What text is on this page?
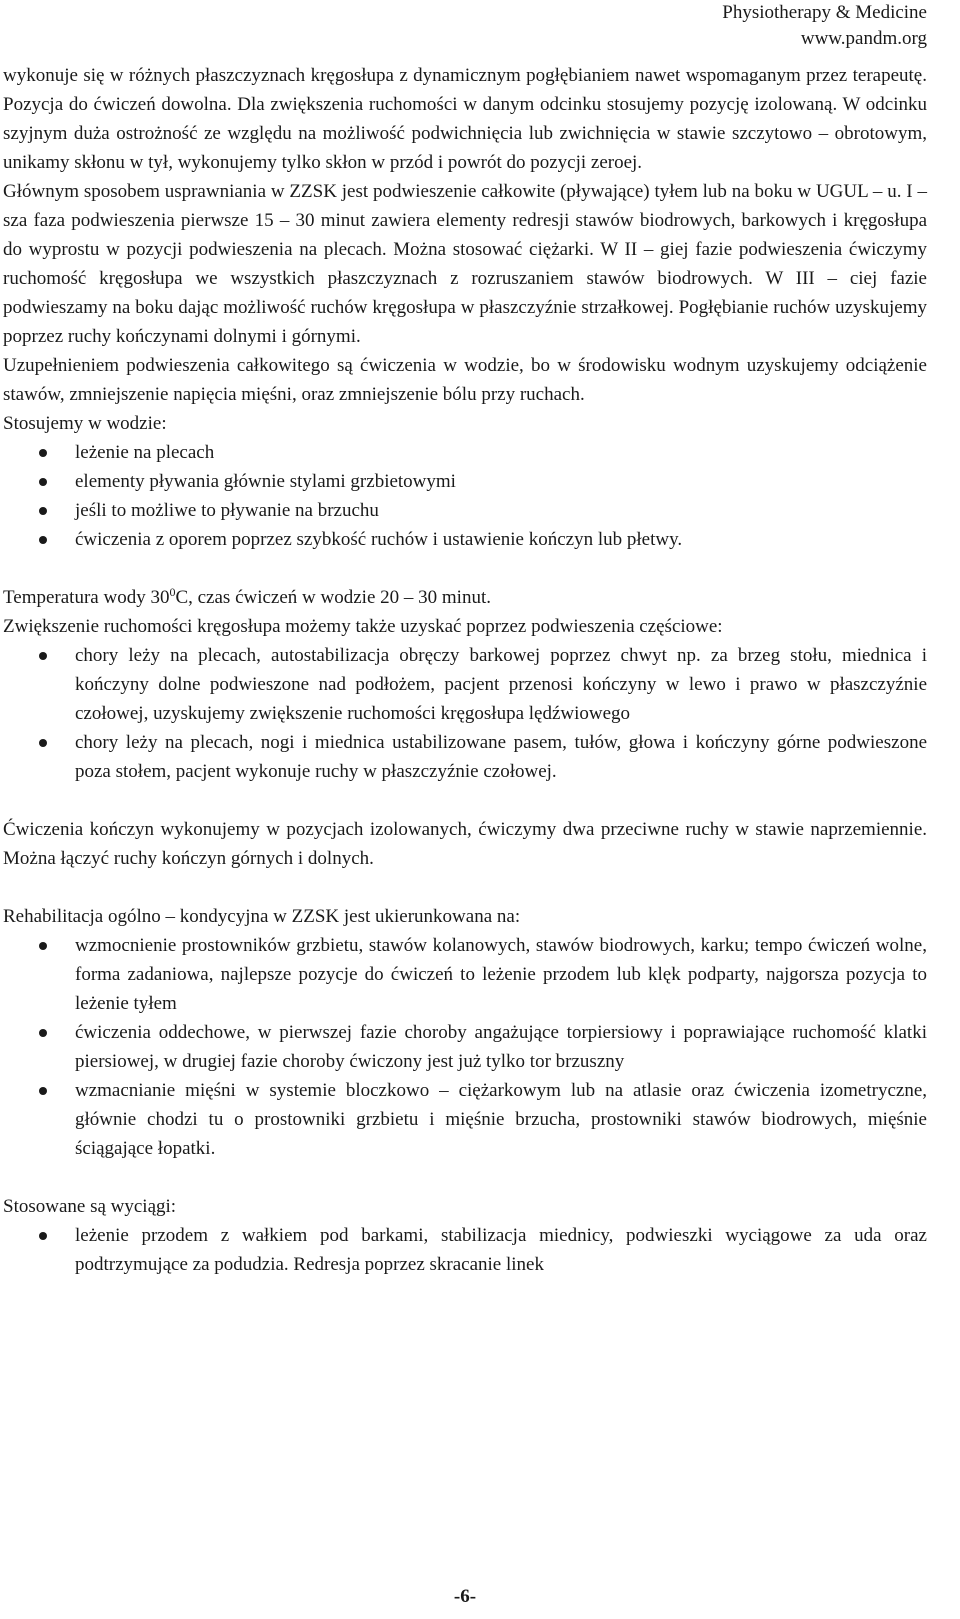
Physiotherapy & Medicine
www.pandm.org

wykonuje się w różnych płaszczyznach kręgosłupa z dynamicznym pogłębianiem nawet wspomaganym przez terapeutę. Pozycja do ćwiczeń dowolna. Dla zwiększenia ruchomości w danym odcinku stosujemy pozycję izolowaną. W odcinku szyjnym duża ostrożność ze względu na możliwość podwichnięcia lub zwichnięcia w stawie szczytowo – obrotowym, unikamy skłonu w tył, wykonujemy tylko skłon w przód i powrót do pozycji zeroej.

Głównym sposobem usprawniania w ZZSK jest podwieszenie całkowite (pływające) tyłem lub na boku w UGUL – u. I – sza faza podwieszenia pierwsze 15 – 30 minut zawiera elementy redresji stawów biodrowych, barkowych i kręgosłupa do wyprostu w pozycji podwieszenia na plecach. Można stosować ciężarki. W II – giej fazie podwieszenia ćwiczymy ruchomość kręgosłupa we wszystkich płaszczyznach z rozruszaniem stawów biodrowych. W III – ciej fazie podwieszamy na boku dając możliwość ruchów kręgosłupa w płaszczyźnie strzałkowej. Pogłębianie ruchów uzyskujemy poprzez ruchy kończynami dolnymi i górnymi.

Uzupełnieniem podwieszenia całkowitego są ćwiczenia w wodzie, bo w środowisku wodnym uzyskujemy odciążenie stawów, zmniejszenie napięcia mięśni, oraz zmniejszenie bólu przy ruchach.

Stosujemy w wodzie:

leżenie na plecach
elementy pływania głównie stylami grzbietowymi
jeśli to możliwe to pływanie na brzuchu
ćwiczenia z oporem poprzez szybkość ruchów i ustawienie kończyn lub płetwy.

Temperatura wody $30^0C$, czas ćwiczeń w wodzie 20 – 30 minut.

Zwiększenie ruchomości kręgosłupa możemy także uzyskać poprzez podwieszenia częściowe:

chory leży na plecach, autostabilizacja obręczy barkowej poprzez chwyt np. za brzeg stołu, miednica i kończyny dolne podwieszone nad podłożem, pacjent przenosi kończyny w lewo i prawo w płaszczyźnie czołowej, uzyskujemy zwiększenie ruchomości kręgosłupa lędźwiowego
chory leży na plecach, nogi i miednica ustabilizowane pasem, tułów, głowa i kończyny górne podwieszone poza stołem, pacjent wykonuje ruchy w płaszczyźnie czołowej.

Ćwiczenia kończyn wykonujemy w pozycjach izolowanych, ćwiczymy dwa przeciwne ruchy w stawie naprzemiennie. Można łączyć ruchy kończyn górnych i dolnych.

Rehabilitacja ogólno – kondycyjna w ZZSK jest ukierunkowana na:

wzmocnienie prostowników grzbietu, stawów kolanowych, stawów biodrowych, karku; tempo ćwiczeń wolne, forma zadaniowa, najlepsze pozycje do ćwiczeń to leżenie przodem lub klęk podparty, najgorsza pozycja to leżenie tyłem
ćwiczenia oddechowe, w pierwszej fazie choroby angażujące torpiersiowy i poprawiające ruchomość klatki piersiowej, w drugiej fazie choroby ćwiczony jest już tylko tor brzuszny
wzmacnianie mięśni w systemie bloczkowo – ciężarkowym lub na atlasie oraz ćwiczenia izometryczne, głównie chodzi tu o prostowniki grzbietu i mięśnie brzucha, prostowniki stawów biodrowych, mięśnie ściągające łopatki.

Stosowane są wyciągi:

leżenie przodem z wałkiem pod barkami, stabilizacja miednicy, podwieszki wyciągowe za uda oraz podtrzymujące za podudzia. Redresja poprzez skracanie linek
-6-
